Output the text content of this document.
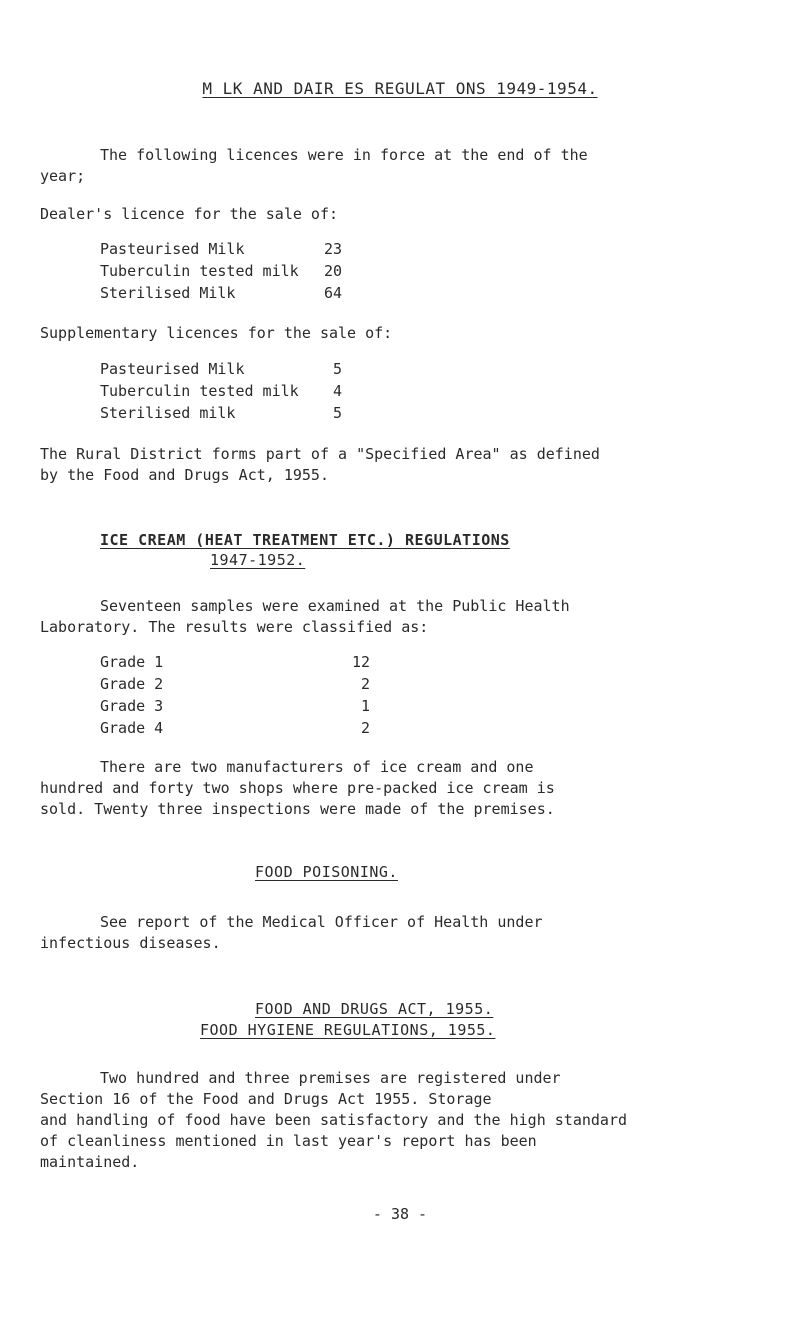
M LK AND DAIR ES REGULAT ONS 1949-1954.
The following licences were in force at the end of the
year;
Dealer's licence for the sale of:
Pasteurised Milk	23
Tuberculin tested milk	20
Sterilised Milk	64
Supplementary licences for the sale of:
Pasteurised Milk	5
Tuberculin tested milk	4
Sterilised milk	5
The Rural District forms part of a "Specified Area" as defined
by the Food and Drugs Act, 1955.
ICE CREAM (HEAT TREATMENT ETC.) REGULATIONS
1947-1952.
Seventeen samples were examined at the Public Health
Laboratory. The results were classified as:
Grade 1	12
Grade 2	2
Grade 3	1
Grade 4	2
There are two manufacturers of ice cream and one
hundred and forty two shops where pre-packed ice cream is
sold. Twenty three inspections were made of the premises.
FOOD POISONING.
See report of the Medical Officer of Health under
infectious diseases.
FOOD AND DRUGS ACT, 1955.
FOOD HYGIENE REGULATIONS, 1955.
Two hundred and three premises are registered under
Section 16 of the Food and Drugs Act 1955. Storage
and handling of food have been satisfactory and the high standard
of cleanliness mentioned in last year's report has been
maintained.
- 38 -
